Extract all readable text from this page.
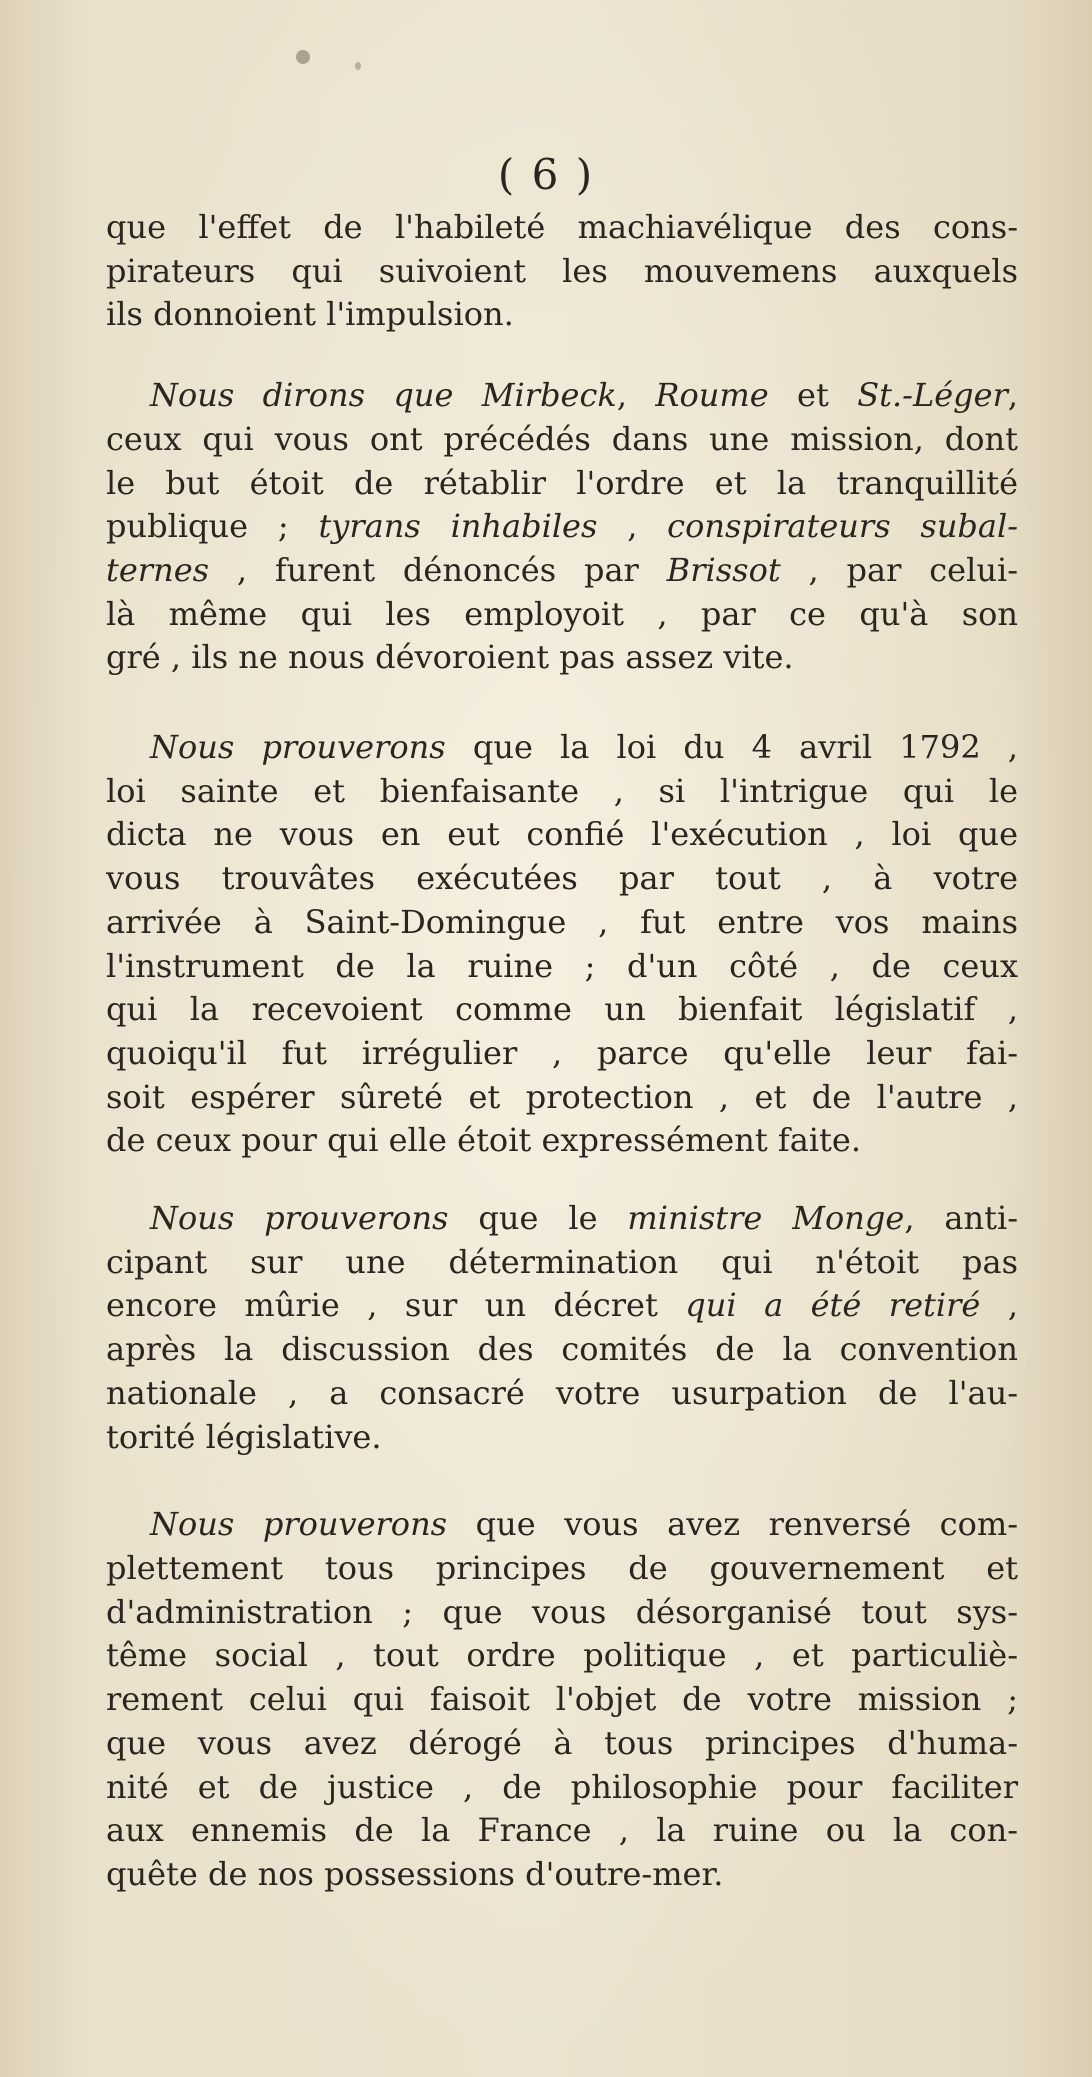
( 6 )
que l'effet de l'habileté machiavélique des cons-
pirateurs qui suivoient les mouvemens auxquels
ils donnoient l'impulsion.
Nous dirons que Mirbeck, Roume et St.-Léger,
ceux qui vous ont précédés dans une mission, dont
le but étoit de rétablir l'ordre et la tranquillité
publique ; tyrans inhabiles , conspirateurs subal-
ternes , furent dénoncés par Brissot , par celui-
là même qui les employoit , par ce qu'à son
gré , ils ne nous dévoroient pas assez vite.
Nous prouverons que la loi du 4 avril 1792 ,
loi sainte et bienfaisante , si l'intrigue qui le
dicta ne vous en eut confié l'exécution , loi que
vous trouvâtes exécutées par tout , à votre
arrivée à Saint-Domingue , fut entre vos mains
l'instrument de la ruine ; d'un côté , de ceux
qui la recevoient comme un bienfait législatif ,
quoiqu'il fut irrégulier , parce qu'elle leur fai-
soit espérer sûreté et protection , et de l'autre ,
de ceux pour qui elle étoit expressément faite.
Nous prouverons que le ministre Monge, anti-
cipant sur une détermination qui n'étoit pas
encore mûrie , sur un décret qui a été retiré ,
après la discussion des comités de la convention
nationale , a consacré votre usurpation de l'au-
torité législative.
Nous prouverons que vous avez renversé com-
plettement tous principes de gouvernement et
d'administration ; que vous désorganisé tout sys-
tême social , tout ordre politique , et particuliè-
rement celui qui faisoit l'objet de votre mission ;
que vous avez dérogé à tous principes d'huma-
nité et de justice , de philosophie pour faciliter
aux ennemis de la France , la ruine ou la con-
quête de nos possessions d'outre-mer.
